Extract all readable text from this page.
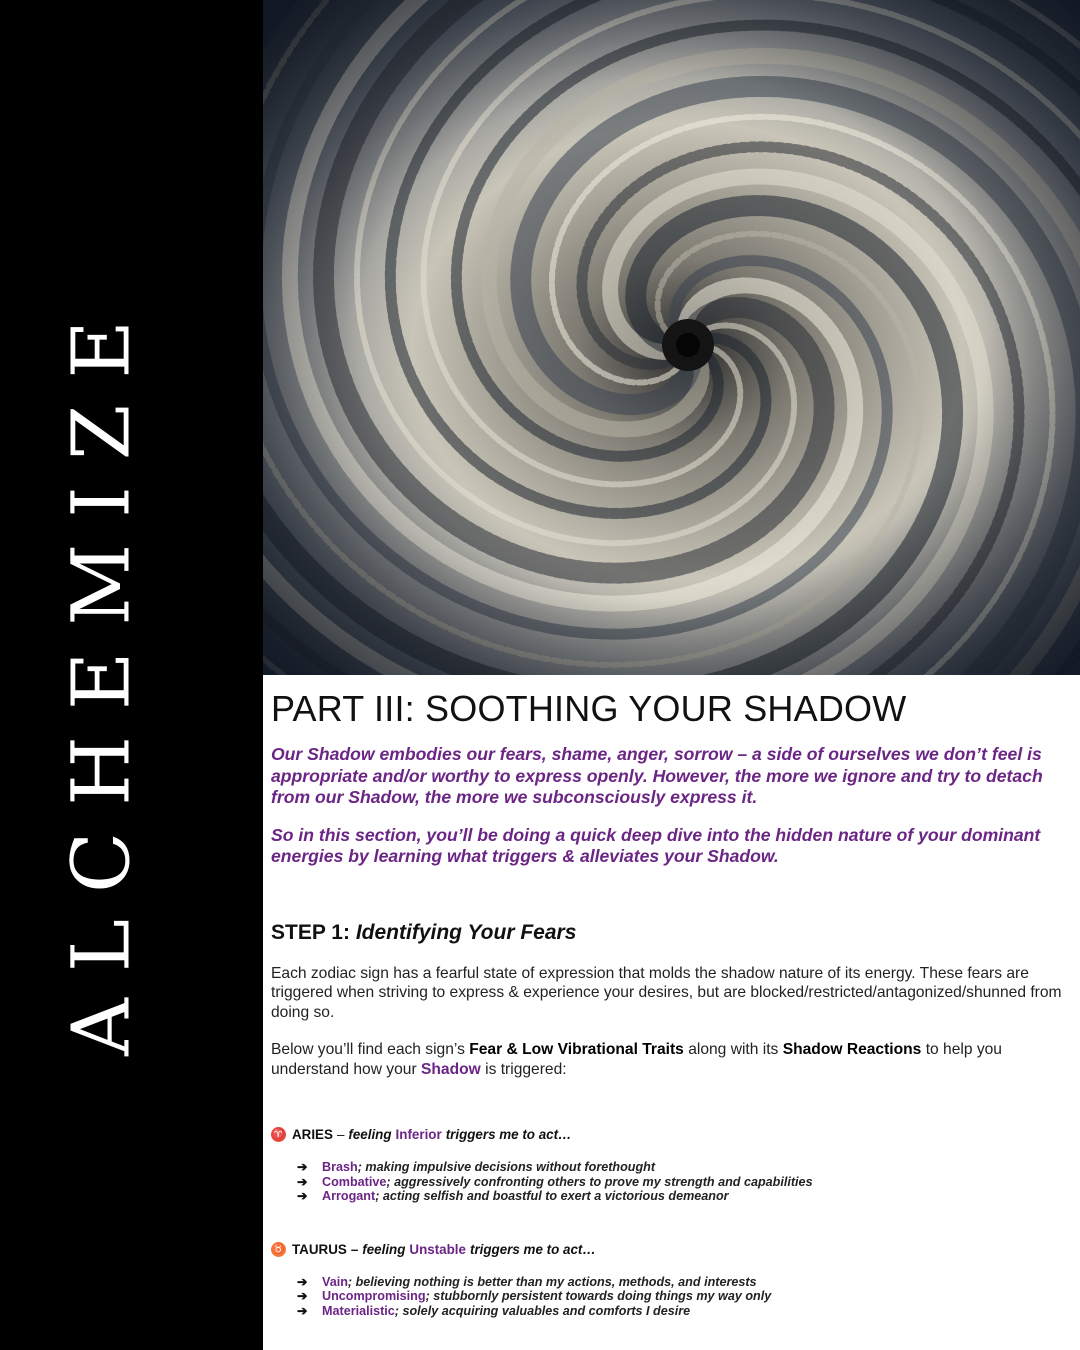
ALCHEMIZE	PART III: SOOTHING YOUR SHADOW

Our Shadow embodies our fears, shame, anger, sorrow – a side of ourselves we don’t feel is appropriate and/or worthy to express openly. However, the more we ignore and try to detach from our Shadow, the more we subconsciously express it.

So in this section, you’ll be doing a quick deep dive into the hidden nature of your dominant energies by learning what triggers & alleviates your Shadow.

STEP 1: Identifying Your Fears

Each zodiac sign has a fearful state of expression that molds the shadow nature of its energy. These fears are triggered when striving to express & experience your desires, but are blocked/restricted/antagonized/shunned from doing so.

Below you’ll find each sign’s Fear & Low Vibrational Traits along with its Shadow Reactions to help you understand how your Shadow is triggered:

♈ ARIES – feeling Inferior triggers me to act…
➔	Brash; making impulsive decisions without forethought
➔	Combative; aggressively confronting others to prove my strength and capabilities
➔	Arrogant; acting selfish and boastful to exert a victorious demeanor
♉ TAURUS – feeling Unstable triggers me to act…
➔	Vain; believing nothing is better than my actions, methods, and interests
➔	Uncompromising; stubbornly persistent towards doing things my way only
➔	Materialistic; solely acquiring valuables and comforts I desire
